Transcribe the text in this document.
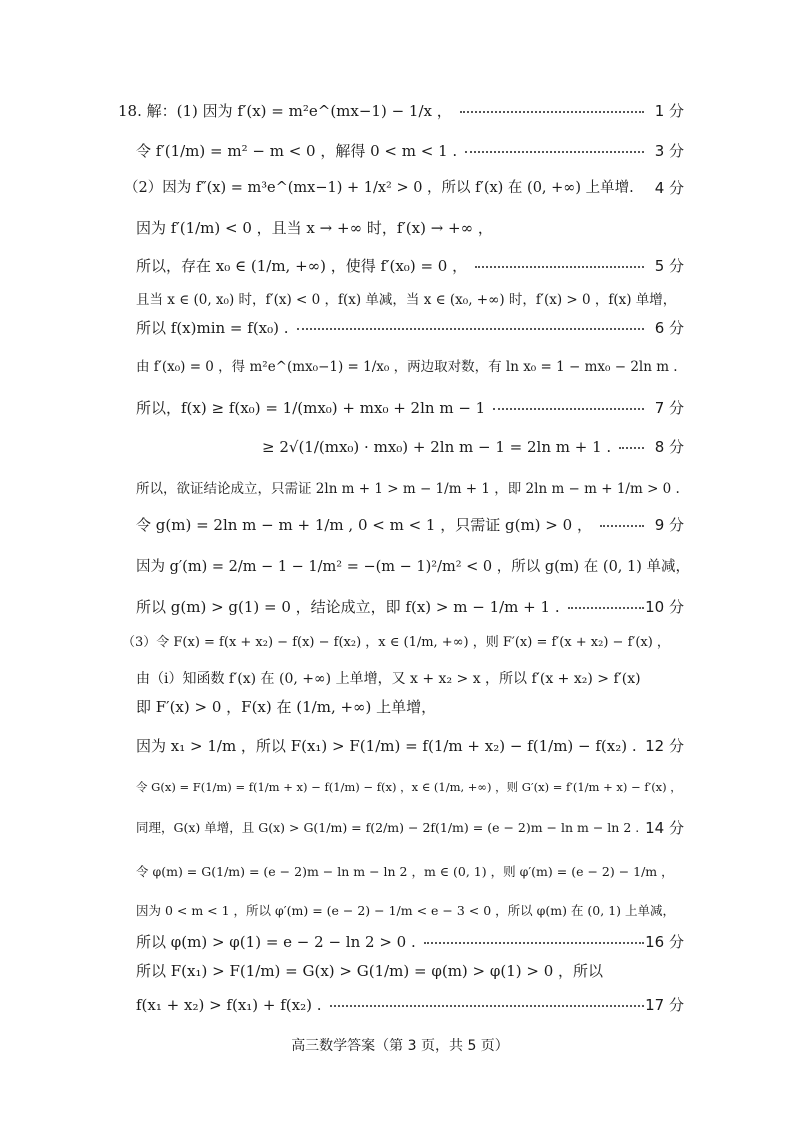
18. 解：(1) 因为 f′(x) = m²e^(mx−1) − 1/x ，	1 分
令 f′(1/m) = m² − m < 0 ，解得 0 < m < 1 .	3 分
（2）因为 f″(x) = m³e^(mx−1) + 1/x² > 0 ，所以 f′(x) 在 (0, +∞) 上单增. 4 分
因为 f′(1/m) < 0 ，且当 x → +∞ 时，f′(x) → +∞ ，
所以，存在 x₀ ∈ (1/m, +∞) ，使得 f′(x₀) = 0 ，	5 分
且当 x ∈ (0, x₀) 时，f′(x) < 0 ，f(x) 单减，当 x ∈ (x₀, +∞) 时，f′(x) > 0 ，f(x) 单增，
所以 f(x)min = f(x₀) .	6 分
由 f′(x₀) = 0 ，得 m²e^(mx₀−1) = 1/x₀ ，两边取对数，有 ln x₀ = 1 − mx₀ − 2ln m .
所以，f(x) ≥ f(x₀) = 1/(mx₀) + mx₀ + 2ln m − 1	7 分
≥ 2√(1/(mx₀) · mx₀) + 2ln m − 1 = 2ln m + 1 .	8 分
所以，欲证结论成立，只需证 2ln m + 1 > m − 1/m + 1 ，即 2ln m − m + 1/m > 0 .
令 g(m) = 2ln m − m + 1/m , 0 < m < 1 ，只需证 g(m) > 0 ，	9 分
因为 g′(m) = 2/m − 1 − 1/m² = −(m − 1)²/m² < 0 ，所以 g(m) 在 (0, 1) 单减，
所以 g(m) > g(1) = 0 ，结论成立，即 f(x) > m − 1/m + 1 .	10 分
（3）令 F(x) = f(x + x₂) − f(x) − f(x₂) ，x ∈ (1/m, +∞) ，则 F′(x) = f′(x + x₂) − f′(x) ，
由（ⅰ）知函数 f′(x) 在 (0, +∞) 上单增，又 x + x₂ > x ，所以 f′(x + x₂) > f′(x)
即 F′(x) > 0 ，F(x) 在 (1/m, +∞) 上单增，
因为 x₁ > 1/m ，所以 F(x₁) > F(1/m) = f(1/m + x₂) − f(1/m) − f(x₂) . 12 分
令 G(x) = F(1/m) = f(1/m + x) − f(1/m) − f(x) ，x ∈ (1/m, +∞) ，则 G′(x) = f′(1/m + x) − f′(x) ，
同理，G(x) 单增，且 G(x) > G(1/m) = f(2/m) − 2f(1/m) = (e − 2)m − ln m − ln 2 . 14 分
令 φ(m) = G(1/m) = (e − 2)m − ln m − ln 2 ，m ∈ (0, 1) ，则 φ′(m) = (e − 2) − 1/m ，
因为 0 < m < 1 ，所以 φ′(m) = (e − 2) − 1/m < e − 3 < 0 ，所以 φ(m) 在 (0, 1) 上单减，
所以 φ(m) > φ(1) = e − 2 − ln 2 > 0 .	16 分
所以 F(x₁) > F(1/m) = G(x) > G(1/m) = φ(m) > φ(1) > 0 ，所以
f(x₁ + x₂) > f(x₁) + f(x₂) .	17 分
高三数学答案（第 3 页，共 5 页）
